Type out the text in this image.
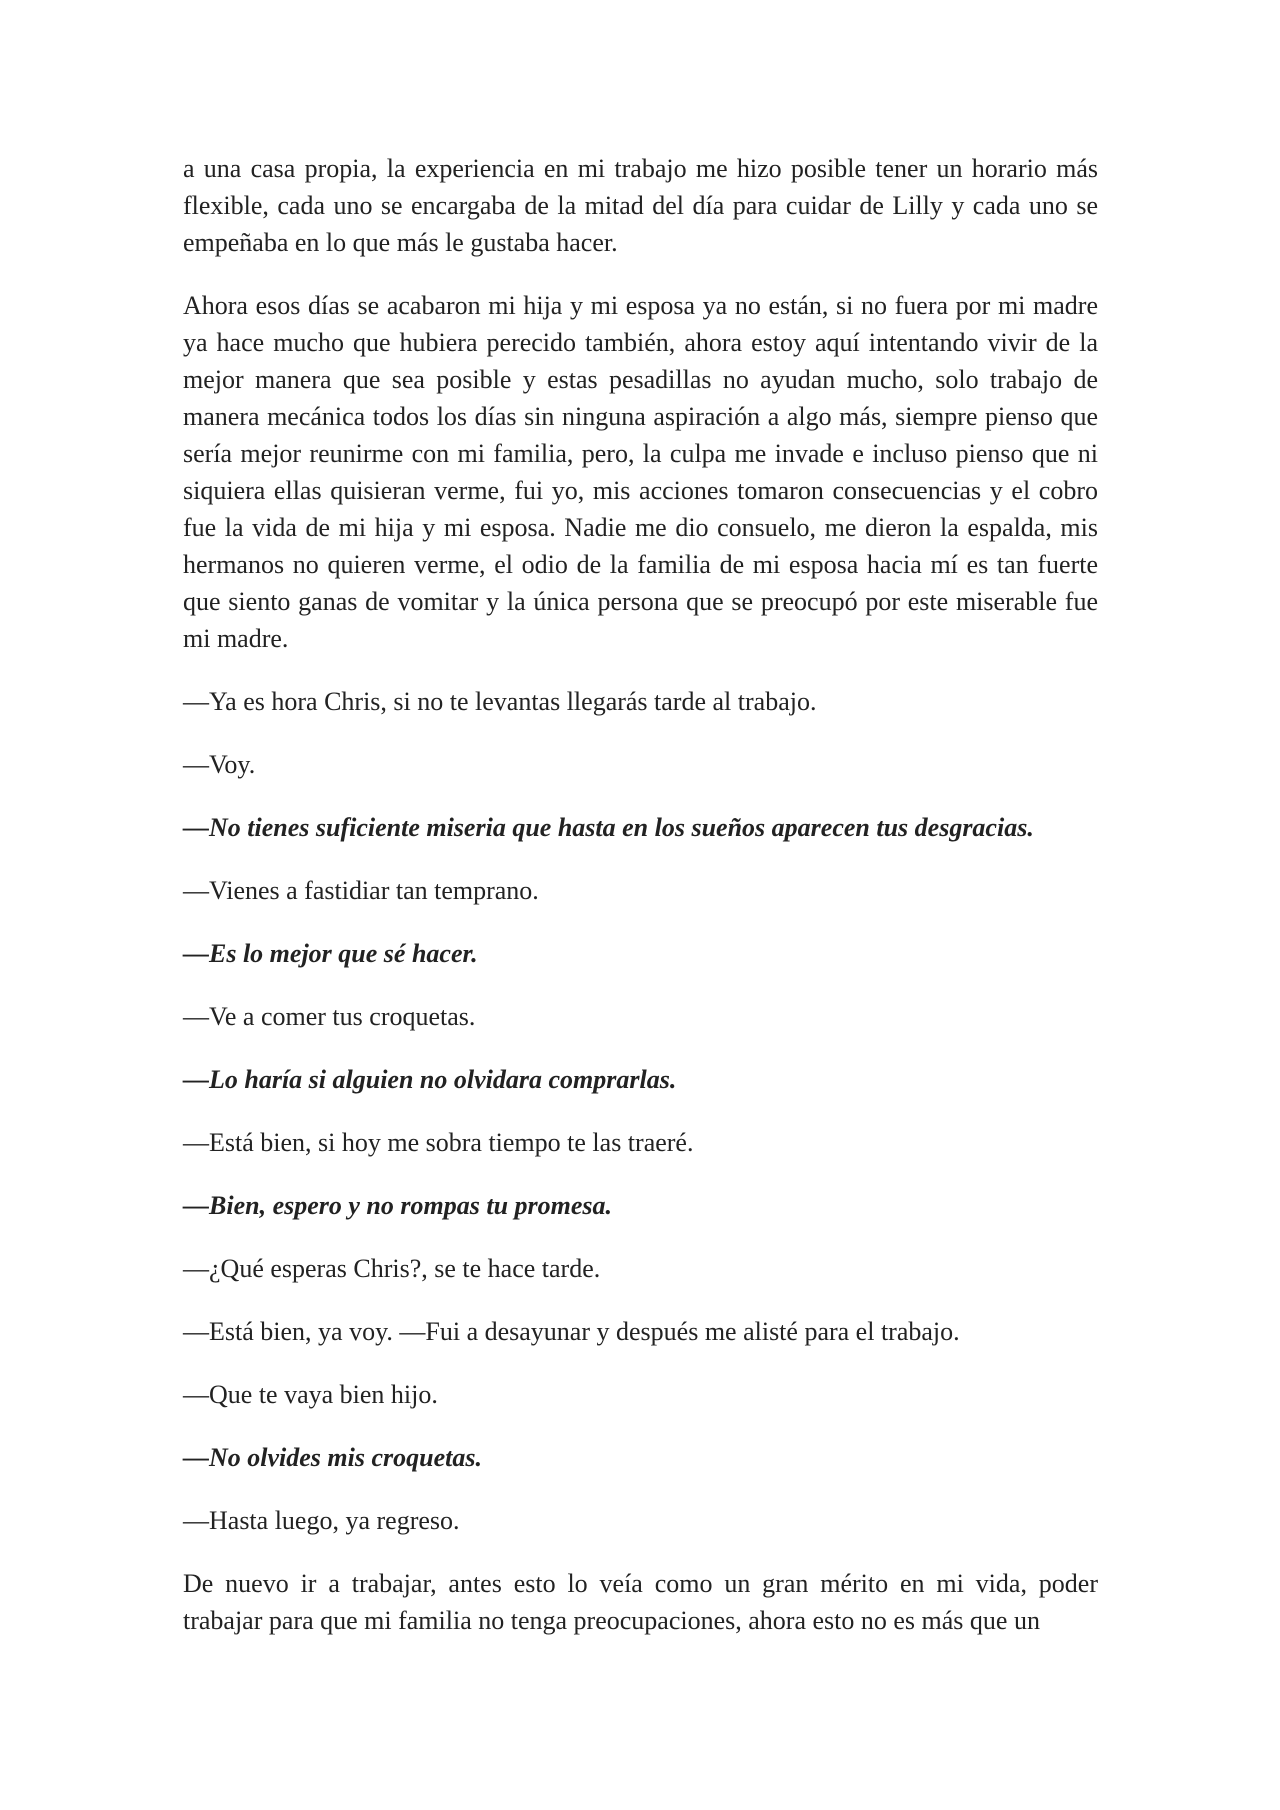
a una casa propia, la experiencia en mi trabajo me hizo posible tener un horario más flexible, cada uno se encargaba de la mitad del día para cuidar de Lilly y cada uno se empeñaba en lo que más le gustaba hacer.

Ahora esos días se acabaron mi hija y mi esposa ya no están, si no fuera por mi madre ya hace mucho que hubiera perecido también, ahora estoy aquí intentando vivir de la mejor manera que sea posible y estas pesadillas no ayudan mucho, solo trabajo de manera mecánica todos los días sin ninguna aspiración a algo más, siempre pienso que sería mejor reunirme con mi familia, pero, la culpa me invade e incluso pienso que ni siquiera ellas quisieran verme, fui yo, mis acciones tomaron consecuencias y el cobro fue la vida de mi hija y mi esposa. Nadie me dio consuelo, me dieron la espalda, mis hermanos no quieren verme, el odio de la familia de mi esposa hacia mí es tan fuerte que siento ganas de vomitar y la única persona que se preocupó por este miserable fue mi madre.

—Ya es hora Chris, si no te levantas llegarás tarde al trabajo.

—Voy.

—No tienes suficiente miseria que hasta en los sueños aparecen tus desgracias.

—Vienes a fastidiar tan temprano.

—Es lo mejor que sé hacer.

—Ve a comer tus croquetas.

—Lo haría si alguien no olvidara comprarlas.

—Está bien, si hoy me sobra tiempo te las traeré.

—Bien, espero y no rompas tu promesa.

—¿Qué esperas Chris?, se te hace tarde.

—Está bien, ya voy. —Fui a desayunar y después me alisté para el trabajo.

—Que te vaya bien hijo.

—No olvides mis croquetas.

—Hasta luego, ya regreso.

De nuevo ir a trabajar, antes esto lo veía como un gran mérito en mi vida, poder trabajar para que mi familia no tenga preocupaciones, ahora esto no es más que un
